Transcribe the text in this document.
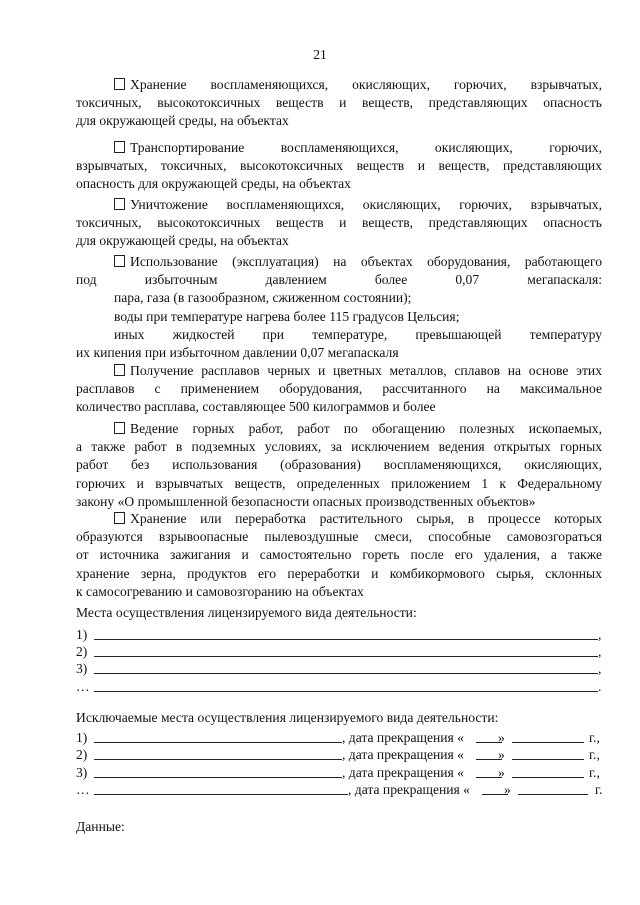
21
Хранение воспламеняющихся, окисляющих, горючих, взрывчатых,
токсичных, высокотоксичных веществ и веществ, представляющих опасность
для окружающей среды, на объектах
Транспортирование воспламеняющихся, окисляющих, горючих,
взрывчатых, токсичных, высокотоксичных веществ и веществ, представляющих
опасность для окружающей среды, на объектах
Уничтожение воспламеняющихся, окисляющих, горючих, взрывчатых,
токсичных, высокотоксичных веществ и веществ, представляющих опасность
для окружающей среды, на объектах
Использование (эксплуатация) на объектах оборудования, работающего
под избыточным давлением более 0,07 мегапаскаля:
пара, газа (в газообразном, сжиженном состоянии);
воды при температуре нагрева более 115 градусов Цельсия;
иных жидкостей при температуре, превышающей температуру
их кипения при избыточном давлении 0,07 мегапаскаля
Получение расплавов черных и цветных металлов, сплавов на основе этих
расплавов с применением оборудования, рассчитанного на максимальное
количество расплава, составляющее 500 килограммов и более
Ведение горных работ, работ по обогащению полезных ископаемых,
а также работ в подземных условиях, за исключением ведения открытых горных
работ без использования (образования) воспламеняющихся, окисляющих,
горючих и взрывчатых веществ, определенных приложением 1 к Федеральному
закону «О промышленной безопасности опасных производственных объектов»
Хранение или переработка растительного сырья, в процессе которых
образуются взрывоопасные пылевоздушные смеси, способные самовозгораться
от источника зажигания и самостоятельно гореть после его удаления, а также
хранение зерна, продуктов его переработки и комбикормового сырья, склонных
к самосогреванию и самовозгоранию на объектах
Места осуществления лицензируемого вида деятельности:
1)	,
2)	,
3)	,
…	.
Исключаемые места осуществления лицензируемого вида деятельности:
1)	, дата прекращения «	»	г.,
2)	, дата прекращения «	»	г.,
3)	, дата прекращения «	»	г.,
…	, дата прекращения «	»	г.
Данные:
